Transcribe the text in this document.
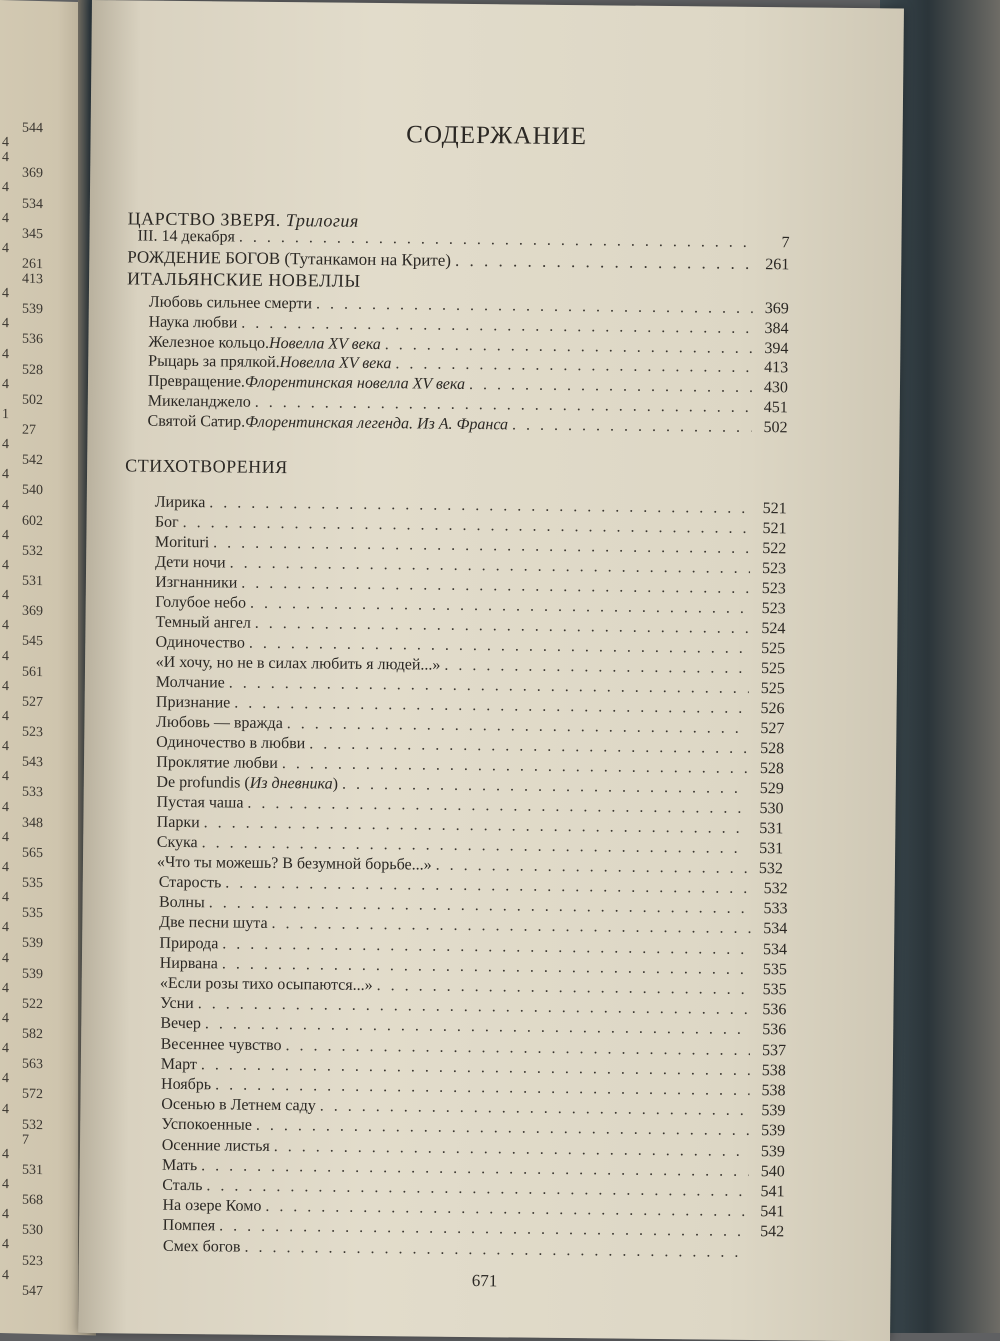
544
4
4
369
4
534
4
345
4
261
413
4
539
4
536
4
528
4
502
1
27
4
542
4
540
4
602
4
532
4
531
4
369
4
545
4
561
4
527
4
523
4
543
4
533
4
348
4
565
4
535
4
535
4
539
4
539
4
522
4
582
4
563
4
572
4
532
7
4
531
4
568
4
530
4
523
4
547
СОДЕРЖАНИЕ
ЦАРСТВО ЗВЕРЯ. Трилогия
III. 14 декабря . . .	7
РОЖДЕНИЕ БОГОВ (Тутанкамон на Крите) . . .	261
ИТАЛЬЯНСКИЕ НОВЕЛЛЫ
Любовь сильнее смерти . . .	369
Наука любви . . .	384
Железное кольцо. Новелла XV века . . .	394
Рыцарь за прялкой. Новелла XV века . . .	413
Превращение. Флорентинская новелла XV века . . .	430
Микеланджело . . .	451
Святой Сатир. Флорентинская легенда. Из А. Франса . . .	502
СТИХОТВОРЕНИЯ
Лирика . . .	521
Бог . . .	521
Morituri . . .	522
Дети ночи . . .	523
Изгнанники . . .	523
Голубое небо . . .	523
Темный ангел . . .	524
Одиночество . . .	525
«И хочу, но не в силах любить я людей...» . . .	525
Молчание . . .	525
Признание . . .	526
Любовь — вражда . . .	527
Одиночество в любви . . .	528
Проклятие любви . . .	528
De profundis ( Из дневника ) . . .	529
Пустая чаша . . .	530
Парки . . .	531
Скука . . .	531
«Что ты можешь? В безумной борьбе...» . . .	532
Старость . . .	532
Волны . . .	533
Две песни шута . . .	534
Природа . . .	534
Нирвана . . .	535
«Если розы тихо осыпаются...» . . .	535
Усни . . .	536
Вечер . . .	536
Весеннее чувство . . .	537
Март . . .	538
Ноябрь . . .	538
Осенью в Летнем саду . . .	539
Успокоенные . . .	539
Осенние листья . . .	539
Мать . . .	540
Сталь . . .	541
На озере Комо . . .	541
Помпея . . .	542
Смех богов
. . .
671
